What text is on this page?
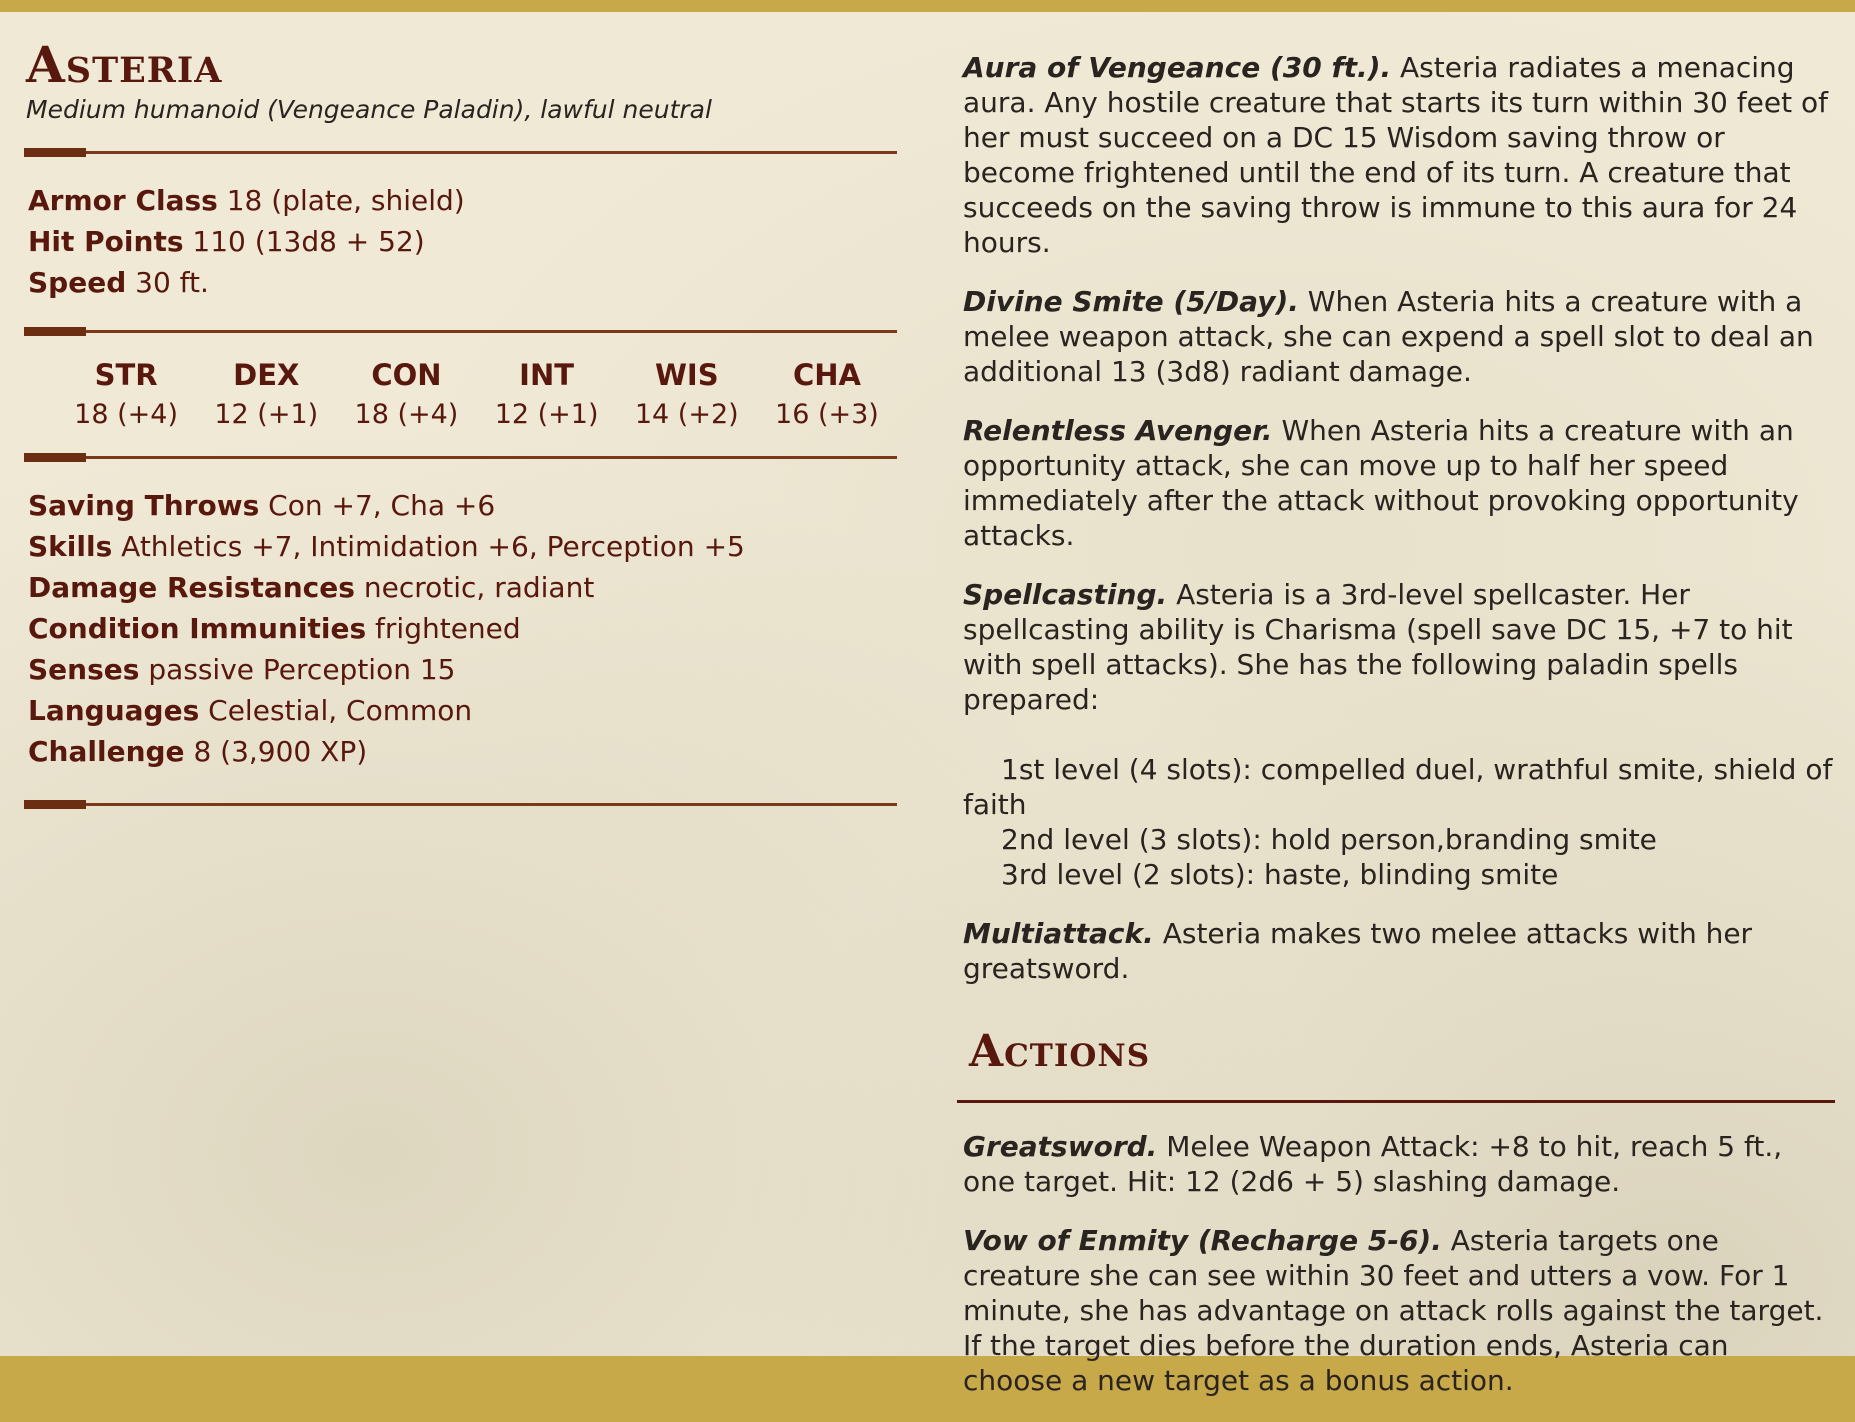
Asteria

Medium humanoid (Vengeance Paladin), lawful neutral

Armor Class 18 (plate, shield)
Hit Points 110 (13d8 + 52)
Speed 30 ft.
STR
18 (+4)
DEX
12 (+1)
CON
18 (+4)
INT
12 (+1)
WIS
14 (+2)
CHA
16 (+3)
Saving Throws Con +7, Cha +6
Skills Athletics +7, Intimidation +6, Perception +5
Damage Resistances necrotic, radiant
Condition Immunities frightened
Senses passive Perception 15
Languages Celestial, Common
Challenge 8 (3,900 XP)

Aura of Vengeance (30 ft.). Asteria radiates a menacing aura. Any hostile creature that starts its turn within 30 feet of her must succeed on a DC 15 Wisdom saving throw or become frightened until the end of its turn. A creature that succeeds on the saving throw is immune to this aura for 24 hours.

Divine Smite (5/Day). When Asteria hits a creature with a melee weapon attack, she can expend a spell slot to deal an additional 13 (3d8) radiant damage.

Relentless Avenger. When Asteria hits a creature with an opportunity attack, she can move up to half her speed immediately after the attack without provoking opportunity attacks.

Spellcasting. Asteria is a 3rd-level spellcaster. Her spellcasting ability is Charisma (spell save DC 15, +7 to hit with spell attacks). She has the following paladin spells prepared:
1st level (4 slots): compelled duel, wrathful smite, shield of faith
2nd level (3 slots): hold person,branding smite
3rd level (2 slots): haste, blinding smite

Multiattack. Asteria makes two melee attacks with her greatsword.

Actions

Greatsword. Melee Weapon Attack: +8 to hit, reach 5 ft., one target. Hit: 12 (2d6 + 5) slashing damage.

Vow of Enmity (Recharge 5-6). Asteria targets one creature she can see within 30 feet and utters a vow. For 1 minute, she has advantage on attack rolls against the target. If the target dies before the duration ends, Asteria can choose a new target as a bonus action.
